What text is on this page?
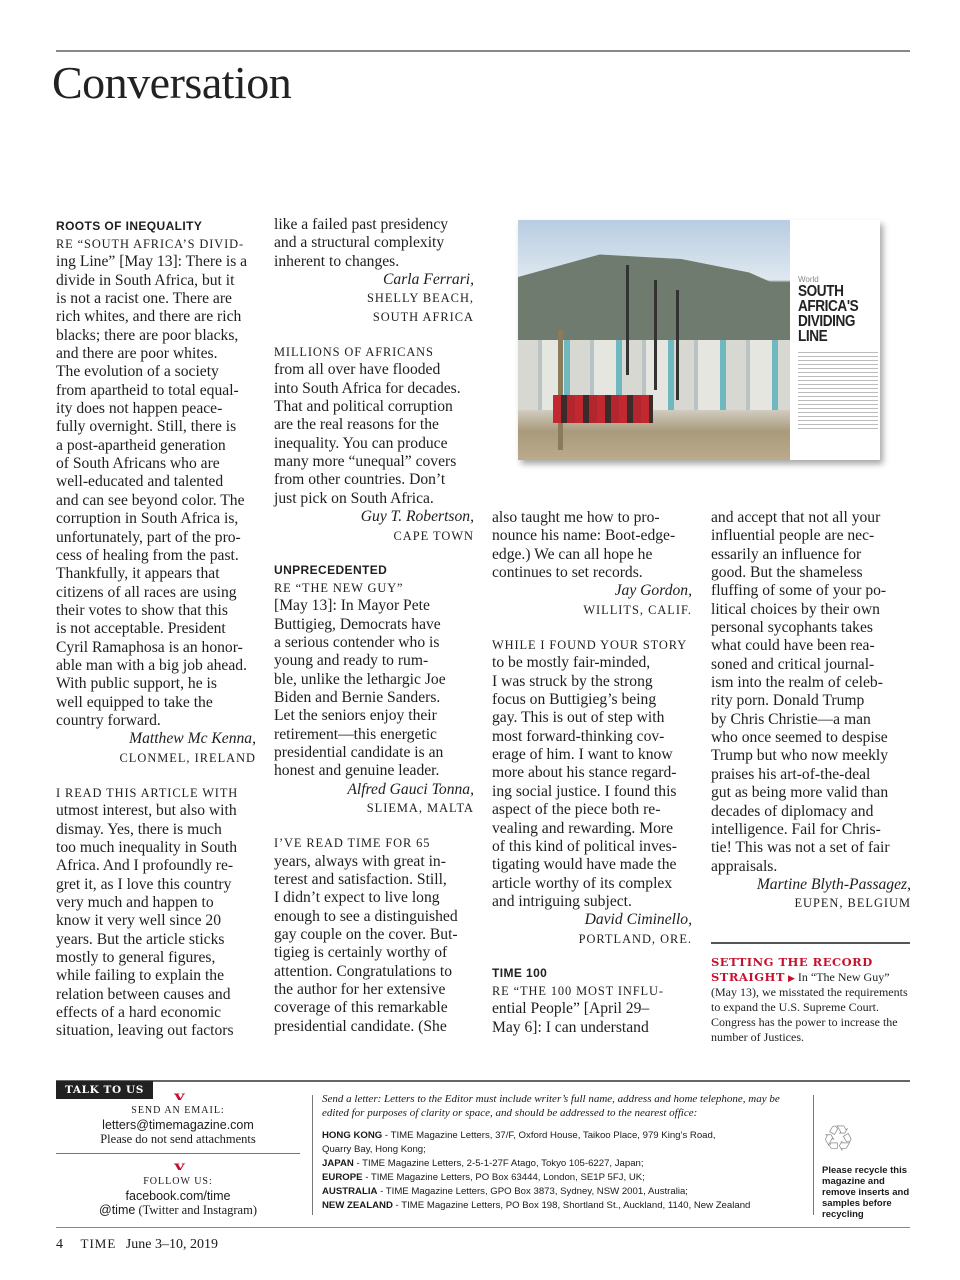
Conversation
ROOTS OF INEQUALITY
RE “SOUTH AFRICA’S DIVID-
ing Line” [May 13]: There is a
divide in South Africa, but it
is not a racist one. There are
rich whites, and there are rich
blacks; there are poor blacks,
and there are poor whites.
The evolution of a society
from apartheid to total equal-
ity does not happen peace-
fully overnight. Still, there is
a post-apartheid generation
of South Africans who are
well-educated and talented
and can see beyond color. The
corruption in South Africa is,
unfortunately, part of the pro-
cess of healing from the past.
Thankfully, it appears that
citizens of all races are using
their votes to show that this
is not acceptable. President
Cyril Ramaphosa is an honor-
able man with a big job ahead.
With public support, he is
well equipped to take the
country forward.
Matthew Mc Kenna,
CLONMEL, IRELAND
I READ THIS ARTICLE WITH
utmost interest, but also with
dismay. Yes, there is much
too much inequality in South
Africa. And I profoundly re-
gret it, as I love this country
very much and happen to
know it very well since 20
years. But the article sticks
mostly to general figures,
while failing to explain the
relation between causes and
effects of a hard economic
situation, leaving out factors
like a failed past presidency
and a structural complexity
inherent to changes.
Carla Ferrari,
SHELLY BEACH,
SOUTH AFRICA
MILLIONS OF AFRICANS
from all over have flooded
into South Africa for decades.
That and political corruption
are the real reasons for the
inequality. You can produce
many more “unequal” covers
from other countries. Don’t
just pick on South Africa.
Guy T. Robertson,
CAPE TOWN
UNPRECEDENTED
RE “THE NEW GUY”
[May 13]: In Mayor Pete
Buttigieg, Democrats have
a serious contender who is
young and ready to rum-
ble, unlike the lethargic Joe
Biden and Bernie Sanders.
Let the seniors enjoy their
retirement—this energetic
presidential candidate is an
honest and genuine leader.
Alfred Gauci Tonna,
SLIEMA, MALTA
I’VE READ TIME FOR 65
years, always with great in-
terest and satisfaction. Still,
I didn’t expect to live long
enough to see a distinguished
gay couple on the cover. But-
tigieg is certainly worthy of
attention. Congratulations to
the author for her extensive
coverage of this remarkable
presidential candidate. (She
also taught me how to pro-
nounce his name: Boot-edge-
edge.) We can all hope he
continues to set records.
Jay Gordon,
WILLITS, CALIF.
WHILE I FOUND YOUR STORY
to be mostly fair-minded,
I was struck by the strong
focus on Buttigieg’s being
gay. This is out of step with
most forward-thinking cov-
erage of him. I want to know
more about his stance regard-
ing social justice. I found this
aspect of the piece both re-
vealing and rewarding. More
of this kind of political inves-
tigating would have made the
article worthy of its complex
and intriguing subject.
David Ciminello,
PORTLAND, ORE.
TIME 100
RE “THE 100 MOST INFLU-
ential People” [April 29–
May 6]: I can understand
and accept that not all your
influential people are nec-
essarily an influence for
good. But the shameless
fluffing of some of your po-
litical choices by their own
personal sycophants takes
what could have been rea-
soned and critical journal-
ism into the realm of celeb-
rity porn. Donald Trump
by Chris Christie—a man
who once seemed to despise
Trump but who now meekly
praises his art-of-the-deal
gut as being more valid than
decades of diplomacy and
intelligence. Fail for Chris-
tie! This was not a set of fair
appraisals.
Martine Blyth-Passagez,
EUPEN, BELGIUM
World
SOUTH
AFRICA'S
DIVIDING
LINE
SETTING THE RECORD
STRAIGHT ▶ In “The New Guy” (May 13), we misstated the requirements to expand the U.S. Supreme Court. Congress has the power to increase the number of Justices.
TALK TO US	v
SEND AN EMAIL:
letters@timemagazine.com
Please do not send attachments
v
FOLLOW US:
facebook.com/time
@time (Twitter and Instagram)
Send a letter: Letters to the Editor must include writer’s full name, address and home telephone, may be edited for purposes of clarity or space, and should be addressed to the nearest office:
HONG KONG - TIME Magazine Letters, 37/F, Oxford House, Taikoo Place, 979 King’s Road,
Quarry Bay, Hong Kong;
JAPAN - TIME Magazine Letters, 2-5-1-27F Atago, Tokyo 105-6227, Japan;
EUROPE - TIME Magazine Letters, PO Box 63444, London, SE1P 5FJ, UK;
AUSTRALIA - TIME Magazine Letters, GPO Box 3873, Sydney, NSW 2001, Australia;
NEW ZEALAND - TIME Magazine Letters, PO Box 198, Shortland St., Auckland, 1140, New Zealand
♲
Please recycle this magazine and remove inserts and samples before recycling
4 TIME June 3–10, 2019
